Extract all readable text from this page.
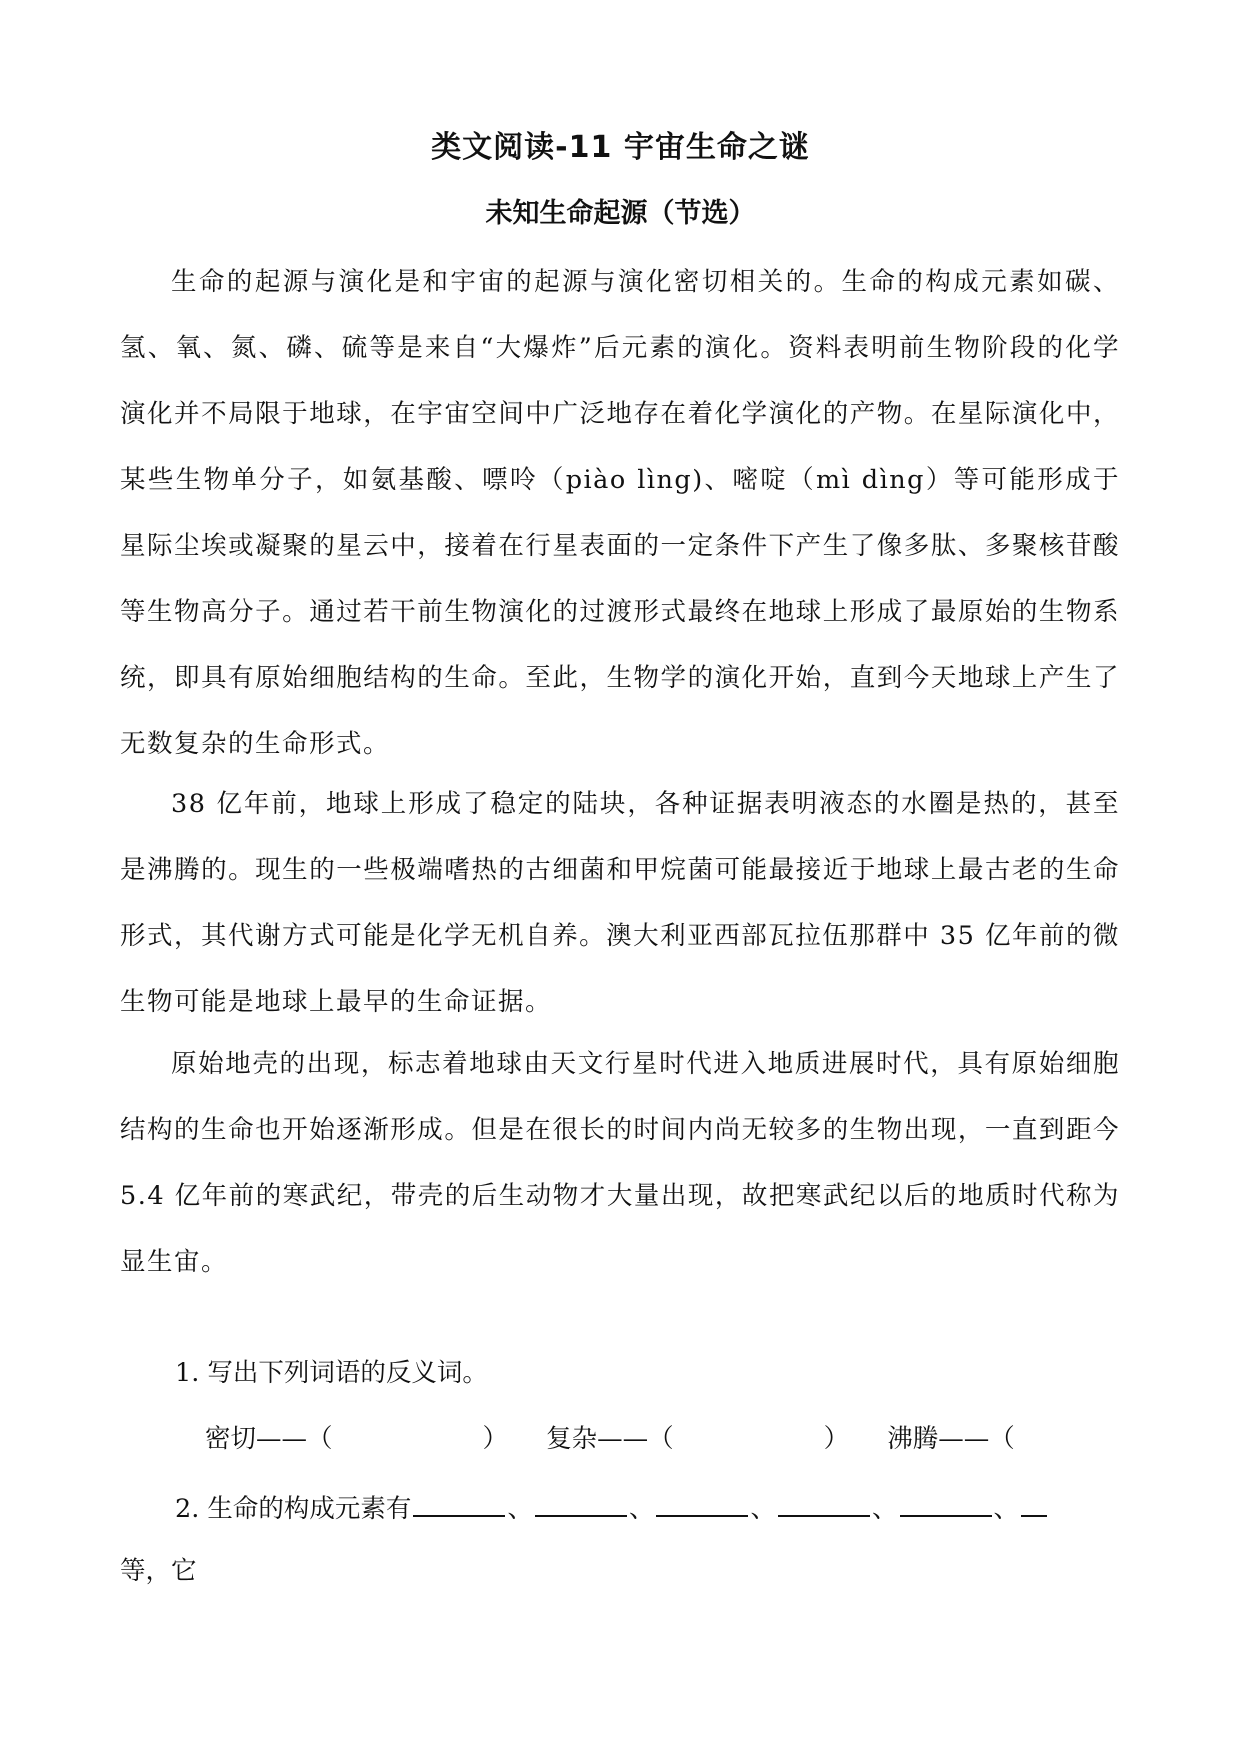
类文阅读-11 宇宙生命之谜
未知生命起源（节选）

生命的起源与演化是和宇宙的起源与演化密切相关的。生命的构成元素如碳、氢、氧、氮、磷、硫等是来自“大爆炸”后元素的演化。资料表明前生物阶段的化学演化并不局限于地球，在宇宙空间中广泛地存在着化学演化的产物。在星际演化中，某些生物单分子，如氨基酸、嘌呤（piào lìng)、嘧啶（mì dìng）等可能形成于星际尘埃或凝聚的星云中，接着在行星表面的一定条件下产生了像多肽、多聚核苷酸等生物高分子。通过若干前生物演化的过渡形式最终在地球上形成了最原始的生物系统，即具有原始细胞结构的生命。至此，生物学的演化开始，直到今天地球上产生了无数复杂的生命形式。

38 亿年前，地球上形成了稳定的陆块，各种证据表明液态的水圈是热的，甚至是沸腾的。现生的一些极端嗜热的古细菌和甲烷菌可能最接近于地球上最古老的生命形式，其代谢方式可能是化学无机自养。澳大利亚西部瓦拉伍那群中 35 亿年前的微生物可能是地球上最早的生命证据。

原始地壳的出现，标志着地球由天文行星时代进入地质进展时代，具有原始细胞结构的生命也开始逐渐形成。但是在很长的时间内尚无较多的生物出现，一直到距今 5.4 亿年前的寒武纪，带壳的后生动物才大量出现，故把寒武纪以后的地质时代称为显生宙。

1. 写出下列词语的反义词。
密切——（	） 复杂——（	） 沸腾——（
2. 生命的构成元素有	、	、	、	、	、
等，它
